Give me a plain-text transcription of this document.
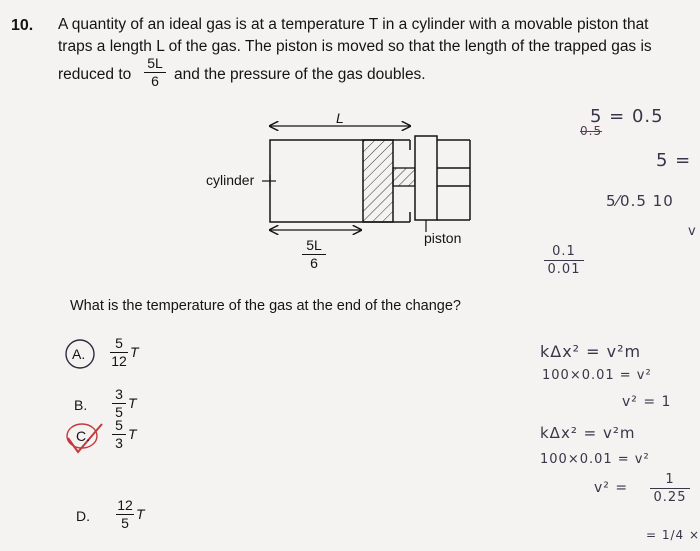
10. A quantity of an ideal gas is at a temperature T in a cylinder with a movable piston that
traps a length L of the gas. The piston is moved so that the length of the trapped gas is
reduced to
5L
6 and the pressure of the gas doubles.
L
cylinder
piston
5L
6
What is the temperature of the gas at the end of the change?
A.
5
12
T
B.
3
5
T
C.
5
3
T
D.
12
5
T
5 = 0.5
0.5
5 =
5⁄0.5 10
v
0.1
0.01
kΔx² = v²m
100×0.01 = v²
v² = 1
kΔx² = v²m
100×0.01 = v²
v² =
1
0.25
= 1/4 ×
